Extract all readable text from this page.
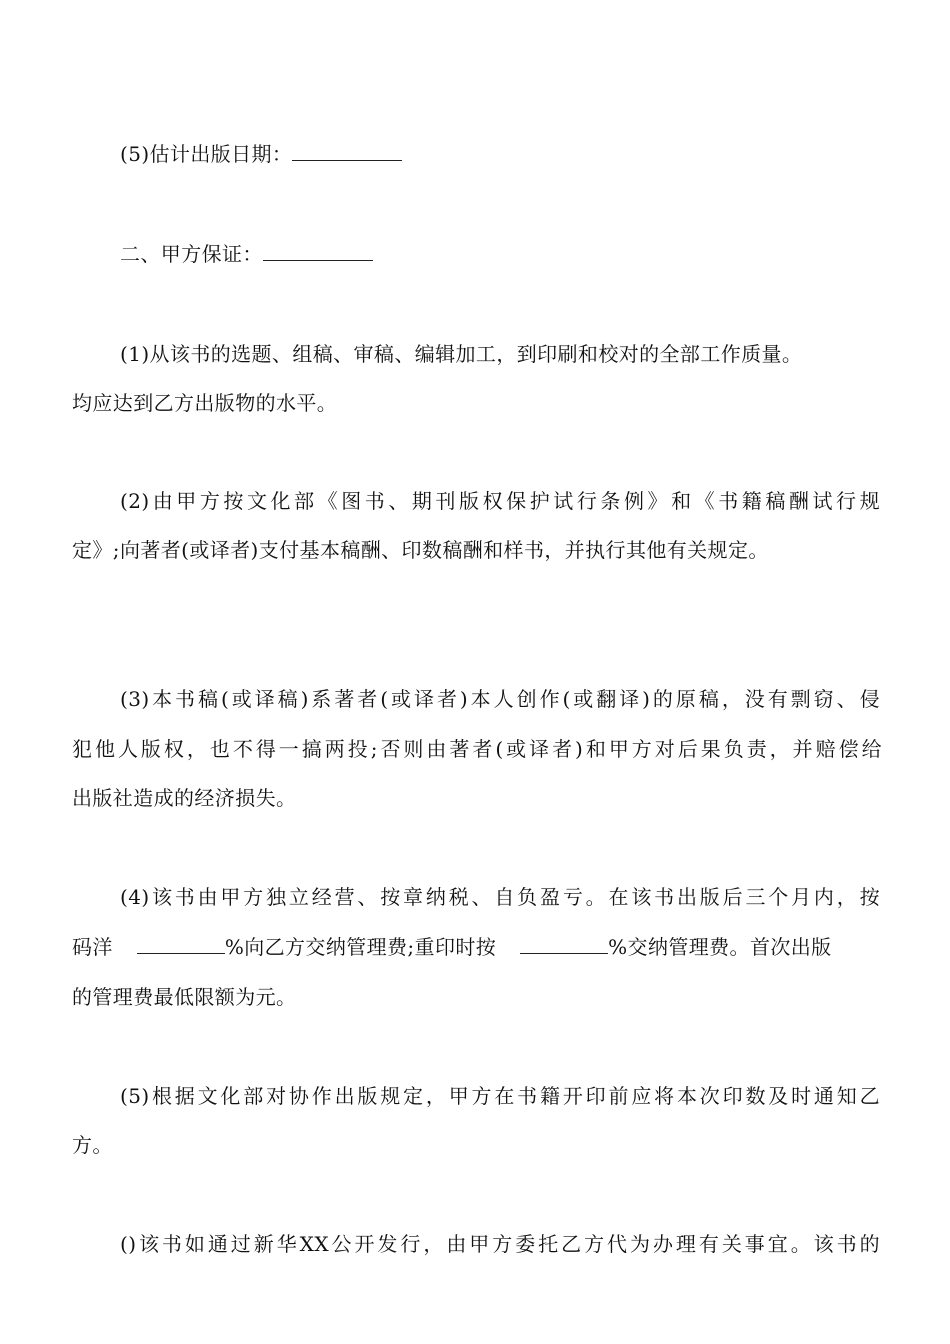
(5)估计出版日期：
二、甲方保证：
(1)从该书的选题、组稿、审稿、编辑加工，到印刷和校对的全部工作质量。
均应达到乙方出版物的水平。
(2)由甲方按文化部《图书、期刊版权保护试行条例》和《书籍稿酬试行规
定》;向著者(或译者)支付基本稿酬、印数稿酬和样书，并执行其他有关规定。
(3)本书稿(或译稿)系著者(或译者)本人创作(或翻译)的原稿，没有剽窃、侵
犯他人版权，也不得一搞两投;否则由著者(或译者)和甲方对后果负责，并赔偿给
出版社造成的经济损失。
(4)该书由甲方独立经营、按章纳税、自负盈亏。在该书出版后三个月内，按
码洋	%向乙方交纳管理费;重印时按	%交纳管理费。首次出版
的管理费最低限额为元。
(5)根据文化部对协作出版规定，甲方在书籍开印前应将本次印数及时通知乙
方。
()该书如通过新华XX公开发行，由甲方委托乙方代为办理有关事宜。该书的
